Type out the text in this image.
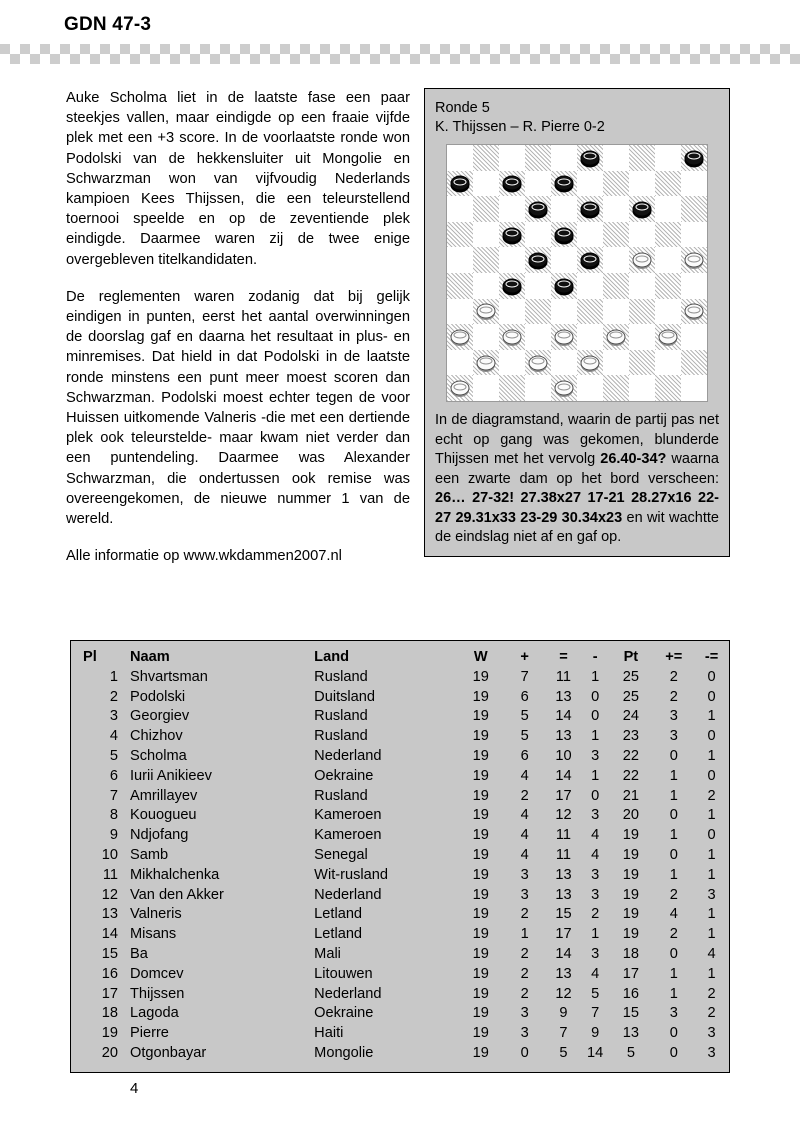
GDN 47-3

Auke Scholma liet in de laatste fase een paar steekjes vallen, maar eindigde op een fraaie vijfde plek met een +3 score. In de voorlaatste ronde won Podolski van de hekkensluiter uit Mongolie en Schwarzman won van vijfvoudig Nederlands kampioen Kees Thijssen, die een teleurstellend toernooi speelde en op de zeventiende plek eindigde. Daarmee waren zij de twee enige overgebleven titelkandidaten.

De reglementen waren zodanig dat bij gelijk eindigen in punten, eerst het aantal overwinningen de doorslag gaf en daarna het resultaat in plus- en minremises. Dat hield in dat Podolski in de laatste ronde minstens een punt meer moest scoren dan Schwarzman. Podolski moest echter tegen de voor Huissen uitkomende Valneris -die met een dertiende plek ook teleurstelde- maar kwam niet verder dan een puntendeling. Daarmee was Alexander Schwarzman, die ondertussen ook remise was overeengekomen, de nieuwe nummer 1 van de wereld.

Alle informatie op www.wkdammen2007.nl

Ronde 5
K. Thijssen – R. Pierre 0-2
In de diagramstand, waarin de partij pas net echt op gang was gekomen, blunderde Thijssen met het vervolg 26.40-34? waarna een zwarte dam op het bord verscheen: 26… 27-32! 27.38x27 17-21 28.27x16 22-27 29.31x33 23-29 30.34x23 en wit wachtte de eindslag niet af en gaf op.
Pl	Naam	Land	W	+	=	-	Pt	+=	-=
1	Shvartsman	Rusland	19	7	11	1	25	2	0
2	Podolski	Duitsland	19	6	13	0	25	2	0
3	Georgiev	Rusland	19	5	14	0	24	3	1
4	Chizhov	Rusland	19	5	13	1	23	3	0
5	Scholma	Nederland	19	6	10	3	22	0	1
6	Iurii Anikieev	Oekraine	19	4	14	1	22	1	0
7	Amrillayev	Rusland	19	2	17	0	21	1	2
8	Kouogueu	Kameroen	19	4	12	3	20	0	1
9	Ndjofang	Kameroen	19	4	11	4	19	1	0
10	Samb	Senegal	19	4	11	4	19	0	1
11	Mikhalchenka	Wit-rusland	19	3	13	3	19	1	1
12	Van den Akker	Nederland	19	3	13	3	19	2	3
13	Valneris	Letland	19	2	15	2	19	4	1
14	Misans	Letland	19	1	17	1	19	2	1
15	Ba	Mali	19	2	14	3	18	0	4
16	Domcev	Litouwen	19	2	13	4	17	1	1
17	Thijssen	Nederland	19	2	12	5	16	1	2
18	Lagoda	Oekraine	19	3	9	7	15	3	2
19	Pierre	Haiti	19	3	7	9	13	0	3
20	Otgonbayar	Mongolie	19	0	5	14	5	0	3
4
